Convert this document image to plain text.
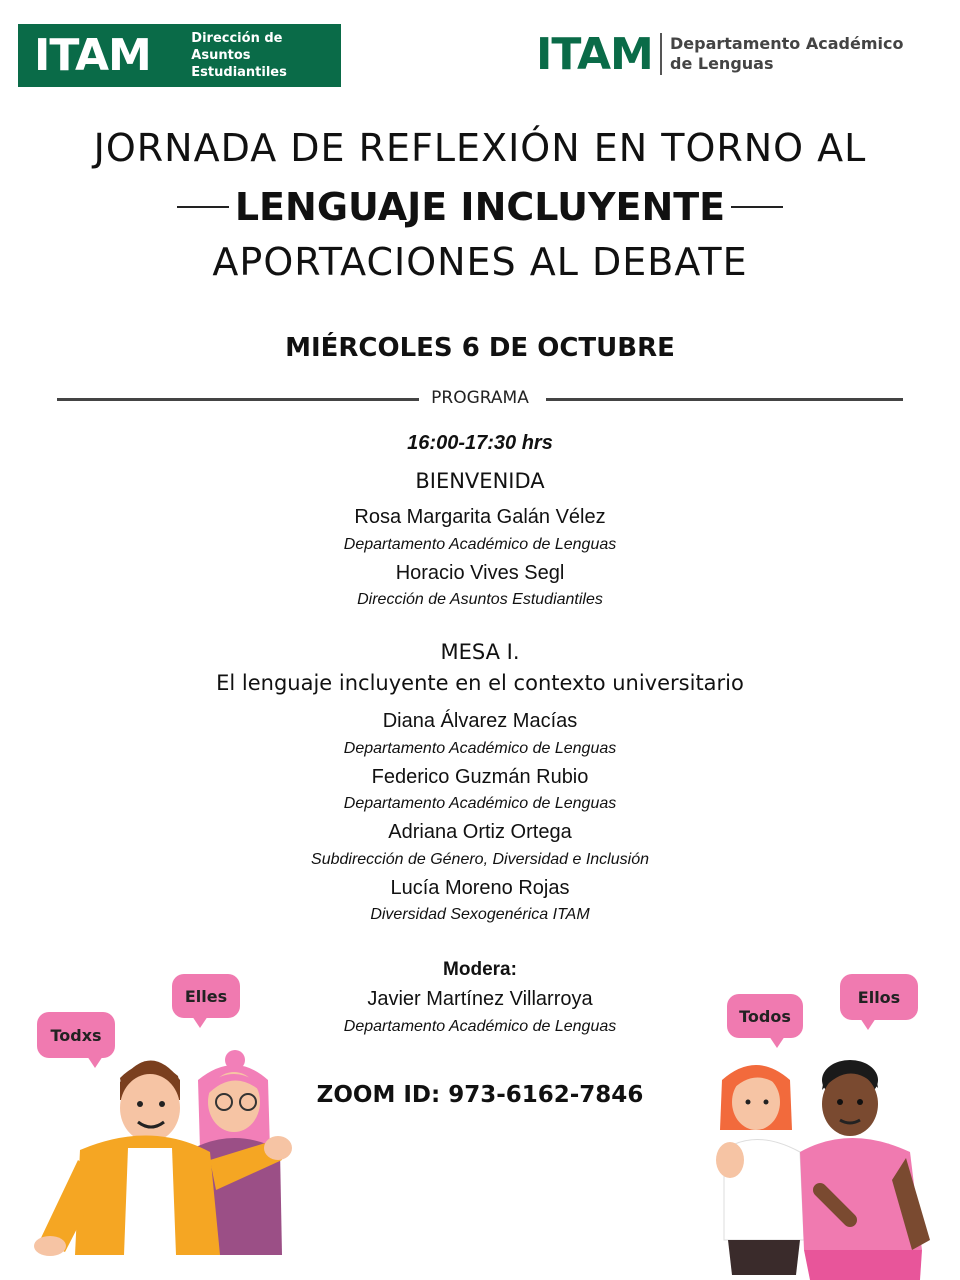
ITAM	Dirección de Asuntos
Estudiantiles	ITAM Departamento Académico
de Lenguas
JORNADA DE REFLEXIÓN EN TORNO AL
LENGUAJE INCLUYENTE
APORTACIONES AL DEBATE
MIÉRCOLES 6 DE OCTUBRE
PROGRAMA
16:00-17:30 hrs
BIENVENIDA
Rosa Margarita Galán Vélez
Departamento Académico de Lenguas
Horacio Vives Segl
Dirección de Asuntos Estudiantiles
MESA I.
El lenguaje incluyente en el contexto universitario
Diana Álvarez Macías
Departamento Académico de Lenguas
Federico Guzmán Rubio
Departamento Académico de Lenguas
Adriana Ortiz Ortega
Subdirección de Género, Diversidad e Inclusión
Lucía Moreno Rojas
Diversidad Sexogenérica ITAM
Modera:
Javier Martínez Villarroya
Departamento Académico de Lenguas
ZOOM ID: 973-6162-7846
Todxs
Elles
Todos
Ellos
